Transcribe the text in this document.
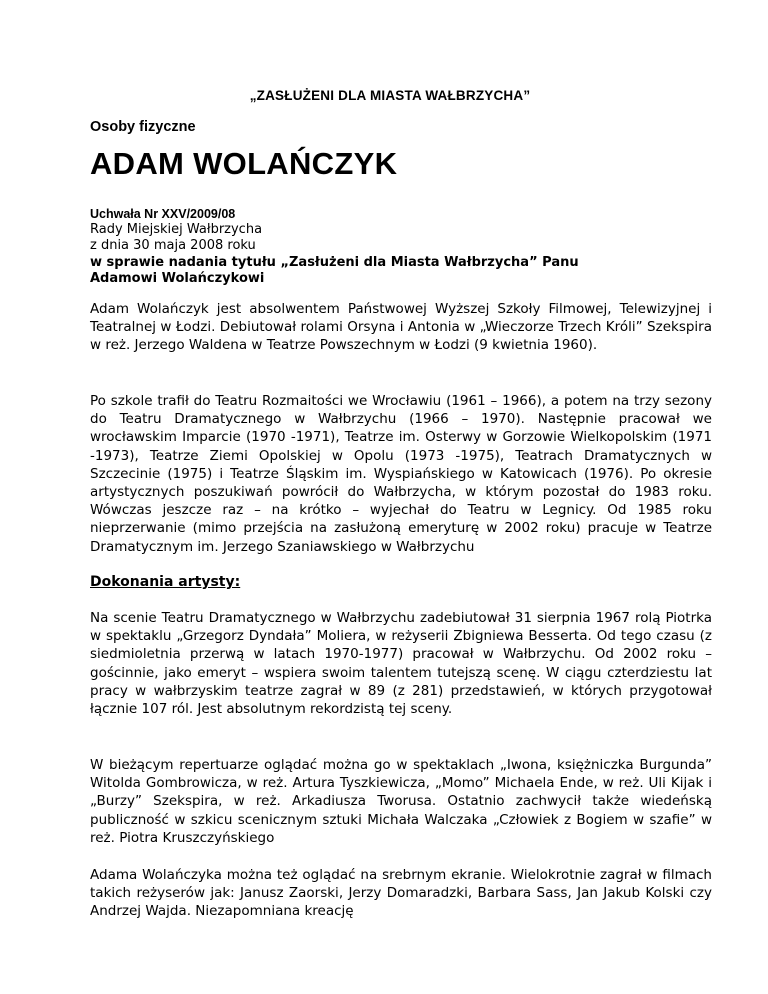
„ZASŁUŻENI DLA MIASTA WAŁBRZYCHA”
Osoby fizyczne
ADAM WOLAŃCZYK
Uchwała Nr XXV/2009/08
Rady Miejskiej Wałbrzycha
z dnia 30 maja 2008 roku
w sprawie nadania tytułu „Zasłużeni dla Miasta Wałbrzycha” Panu
Adamowi Wolańczykowi

Adam Wolańczyk jest absolwentem Państwowej Wyższej Szkoły Filmowej, Telewizyjnej i Teatralnej w Łodzi. Debiutował rolami Orsyna i Antonia w „Wieczorze Trzech Króli” Szekspira w reż. Jerzego Waldena w Teatrze Powszechnym w Łodzi (9 kwietnia 1960).

Po szkole trafił do Teatru Rozmaitości we Wrocławiu (1961 – 1966), a potem na trzy sezony do Teatru Dramatycznego w Wałbrzychu (1966 – 1970). Następnie pracował we wrocławskim Imparcie (1970 -1971), Teatrze im. Osterwy w Gorzowie Wielkopolskim (1971 -1973), Teatrze Ziemi Opolskiej w Opolu (1973 -1975), Teatrach Dramatycznych w Szczecinie (1975) i Teatrze Śląskim im. Wyspiańskiego w Katowicach (1976). Po okresie artystycznych poszukiwań powrócił do Wałbrzycha, w którym pozostał do 1983 roku. Wówczas jeszcze raz – na krótko – wyjechał do Teatru w Legnicy. Od 1985 roku nieprzerwanie (mimo przejścia na zasłużoną emeryturę w 2002 roku) pracuje w Teatrze Dramatycznym im. Jerzego Szaniawskiego w Wałbrzychu

Dokonania artysty:

Na scenie Teatru Dramatycznego w Wałbrzychu zadebiutował 31 sierpnia 1967 rolą Piotrka w spektaklu „Grzegorz Dyndała” Moliera, w reżyserii Zbigniewa Besserta. Od tego czasu (z siedmioletnia przerwą w latach 1970-1977) pracował w Wałbrzychu. Od 2002 roku – gościnnie, jako emeryt – wspiera swoim talentem tutejszą scenę. W ciągu czterdziestu lat pracy w wałbrzyskim teatrze zagrał w 89 (z 281) przedstawień, w których przygotował łącznie 107 ról. Jest absolutnym rekordzistą tej sceny.

W bieżącym repertuarze oglądać można go w spektaklach „Iwona, księżniczka Burgunda” Witolda Gombrowicza, w reż. Artura Tyszkiewicza, „Momo” Michaela Ende, w reż. Uli Kijak i „Burzy” Szekspira, w reż. Arkadiusza Tworusa. Ostatnio zachwycił także wiedeńską publiczność w szkicu scenicznym sztuki Michała Walczaka „Człowiek z Bogiem w szafie” w reż. Piotra Kruszczyńskiego

Adama Wolańczyka można też oglądać na srebrnym ekranie. Wielokrotnie zagrał w filmach takich reżyserów jak: Janusz Zaorski, Jerzy Domaradzki, Barbara Sass, Jan Jakub Kolski czy Andrzej Wajda. Niezapomniana kreację
